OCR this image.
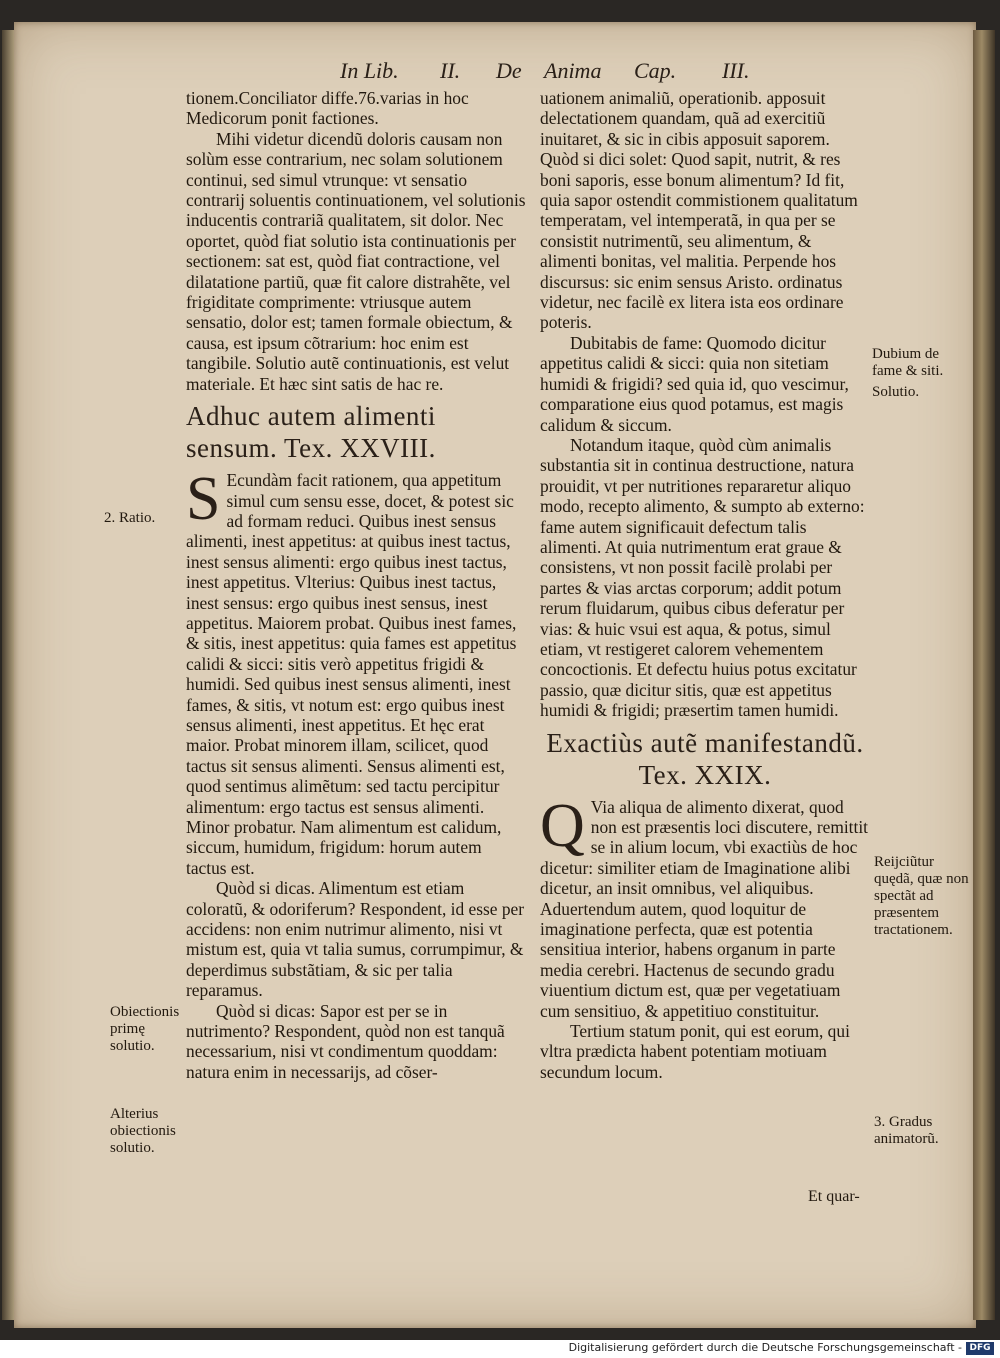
In Lib. II. De Anima Cap. III.

tionem.Conciliator diffe.76.varias in hoc Medicorum ponit factiones.

Mihi videtur dicendũ doloris causam non solùm esse contrarium, nec solam solutionem continui, sed simul vtrunque: vt sensatio contrarij soluentis continuationem, vel solutionis inducentis contrariã qualitatem, sit dolor. Nec oportet, quòd fiat solutio ista continuationis per sectionem: sat est, quòd fiat contractione, vel dilatatione partiũ, quæ fit calore distrahẽte, vel frigiditate comprimente: vtriusque autem sensatio, dolor est; tamen formale obiectum, & causa, est ipsum cõtrarium: hoc enim est tangibile. Solutio autẽ continuationis, est velut materiale. Et hæc sint satis de hac re.

Adhuc autem alimenti sensum. Tex. XXVIII.

S Ecundàm facit rationem, qua appetitum simul cum sensu esse, docet, & potest sic ad formam reduci. Quibus inest sensus alimenti, inest appetitus: at quibus inest tactus, inest sensus alimenti: ergo quibus inest tactus, inest appetitus. Vlterius: Quibus inest tactus, inest sensus: ergo quibus inest sensus, inest appetitus. Maiorem probat. Quibus inest fames, & sitis, inest appetitus: quia fames est appetitus calidi & sicci: sitis verò appetitus frigidi & humidi. Sed quibus inest sensus alimenti, inest fames, & sitis, vt notum est: ergo quibus inest sensus alimenti, inest appetitus. Et hęc erat maior. Probat minorem illam, scilicet, quod tactus sit sensus alimenti. Sensus alimenti est, quod sentimus alimẽtum: sed tactu percipitur alimentum: ergo tactus est sensus alimenti. Minor probatur. Nam alimentum est calidum, siccum, humidum, frigidum: horum autem tactus est.

Quòd si dicas. Alimentum est etiam coloratũ, & odoriferum? Respondent, id esse per accidens: non enim nutrimur alimento, nisi vt mistum est, quia vt talia sumus, corrumpimur, & deperdimus substãtiam, & sic per talia reparamus.

Quòd si dicas: Sapor est per se in nutrimento? Respondent, quòd non est tanquã necessarium, nisi vt condimentum quoddam: natura enim in necessarijs, ad cõser-

uationem animaliũ, operationib. apposuit delectationem quandam, quã ad exercitiũ inuitaret, & sic in cibis apposuit saporem. Quòd si dici solet: Quod sapit, nutrit, & res boni saporis, esse bonum alimentum? Id fit, quia sapor ostendit commistionem qualitatum temperatam, vel intemperatã, in qua per se consistit nutrimentũ, seu alimentum, & alimenti bonitas, vel malitia. Perpende hos discursus: sic enim sensus Aristo. ordinatus videtur, nec facilè ex litera ista eos ordinare poteris.

Dubitabis de fame: Quomodo dicitur appetitus calidi & sicci: quia non sitetiam humidi & frigidi? sed quia id, quo vescimur, comparatione eius quod potamus, est magis calidum & siccum.

Notandum itaque, quòd cùm animalis substantia sit in continua destructione, natura prouidit, vt per nutritiones repararetur aliquo modo, recepto alimento, & sumpto ab externo: fame autem significauit defectum talis alimenti. At quia nutrimentum erat graue & consistens, vt non possit facilè prolabi per partes & vias arctas corporum; addit potum rerum fluidarum, quibus cibus deferatur per vias: & huic vsui est aqua, & potus, simul etiam, vt restigeret calorem vehementem concoctionis. Et defectu huius potus excitatur passio, quæ dicitur sitis, quæ est appetitus humidi & frigidi; præsertim tamen humidi.

Exactiùs autẽ manifestandũ. Tex. XXIX.

Q Via aliqua de alimento dixerat, quod non est præsentis loci discutere, remittit se in alium locum, vbi exactiùs de hoc dicetur: similiter etiam de Imaginatione alibi dicetur, an insit omnibus, vel aliquibus. Aduertendum autem, quod loquitur de imaginatione perfecta, quæ est potentia sensitiua interior, habens organum in parte media cerebri. Hactenus de secundo gradu viuentium dictum est, quæ per vegetatiuam cum sensitiuo, & appetitiuo constituitur.

Tertium statum ponit, qui est eorum, qui vltra prædicta habent potentiam motiuam secundum locum.

2. Ratio.
Obiectionis primę solutio.
Alterius obiectionis solutio.
Dubium de fame & siti.
Solutio.
Reijciũtur quędã, quæ non spectãt ad præsentem tractationem.
3. Gradus animatorũ.
Et quar-
Digitalisierung gefördert durch die Deutsche Forschungsgemeinschaft - DFG
